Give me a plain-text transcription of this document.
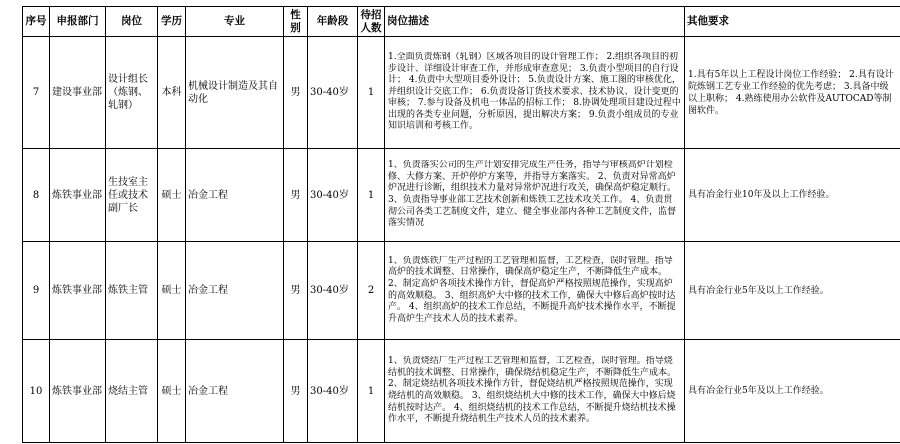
序号	申报部门	岗位	学历	专业	性别	年龄段	待招人数	岗位描述	其他要求
7	建设事业部	设计组长（炼钢、轧钢）	本科	机械设计制造及其自动化	男	30-40岁	1	1.全面负责炼钢（轧钢）区域各项目的设计管理工作； 2.组织各项目的初步设计、详细设计审查工作，并形成审查意见； 3.负责小型项目的自行设计； 4.负责中大型项目委外设计； 5.负责设计方案、施工图的审核优化，并组织设计交底工作； 6.负责设备订货技术要求、技术协议、设计变更的审核； 7.参与设备及机电一体品的招标工作； 8.协调处理项目建设过程中出现的各类专业问题，分析原因，提出解决方案； 9.负责小组成员的专业知识培训和考核工作。	1.具有5年以上工程设计岗位工作经验； 2.具有设计院炼钢工艺专业工作经验的优先考虑； 3.具备中级以上职称； 4.熟练使用办公软件及AUTOCAD等制图软件。
8	炼铁事业部	生技室主任或技术副厂长	硕士	冶金工程	男	30-40岁	1	1、负责落实公司的生产计划安排完成生产任务，指导与审核高炉计划检修、大修方案、开炉停炉方案等，并指导方案落实。 2、负责对异常高炉炉况进行诊断，组织技术力量对异常炉况进行攻关，确保高炉稳定顺行。 3、负责指导事业部工艺技术创新和炼铁工艺技术攻关工作。 4、负责贯彻公司各类工艺制度文件，建立、健全事业部内各种工艺制度文件，监督落实情况	具有冶金行业10年及以上工作经验。
9	炼铁事业部	炼铁主管	硕士	冶金工程	男	30-40岁	2	1、负责炼铁厂生产过程的工艺管理和监督，工艺检查，误时管理。指导高炉的技术调整、日常操作，确保高炉稳定生产，不断降低生产成本。 2、制定高炉各项技术操作方针，督促高炉严格按照规范操作，实现高炉的高效顺稳。 3、组织高炉大中修的技术工作，确保大中修后高炉按时达产。 4、组织高炉的技术工作总结，不断提升高炉技术操作水平，不断提升高炉生产技术人员的技术素养。	具有冶金行业5年及以上工作经验。
10	炼铁事业部	烧结主管	硕士	冶金工程	男	30-40岁	1	1、负责烧结厂生产过程工艺管理和监督，工艺检查，误时管理。指导烧结机的技术调整、日常操作，确保烧结机稳定生产，不断降低生产成本。 2、制定烧结机各项技术操作方针，督促烧结机严格按照规范操作，实现烧结机的高效顺稳。 3、组织烧结机大中修的技术工作，确保大中修后烧结机按时达产。 4、组织烧结机的技术工作总结，不断提升烧结机技术操作水平，不断提升烧结机生产技术人员的技术素养。	具有冶金行业5年及以上工作经验。
